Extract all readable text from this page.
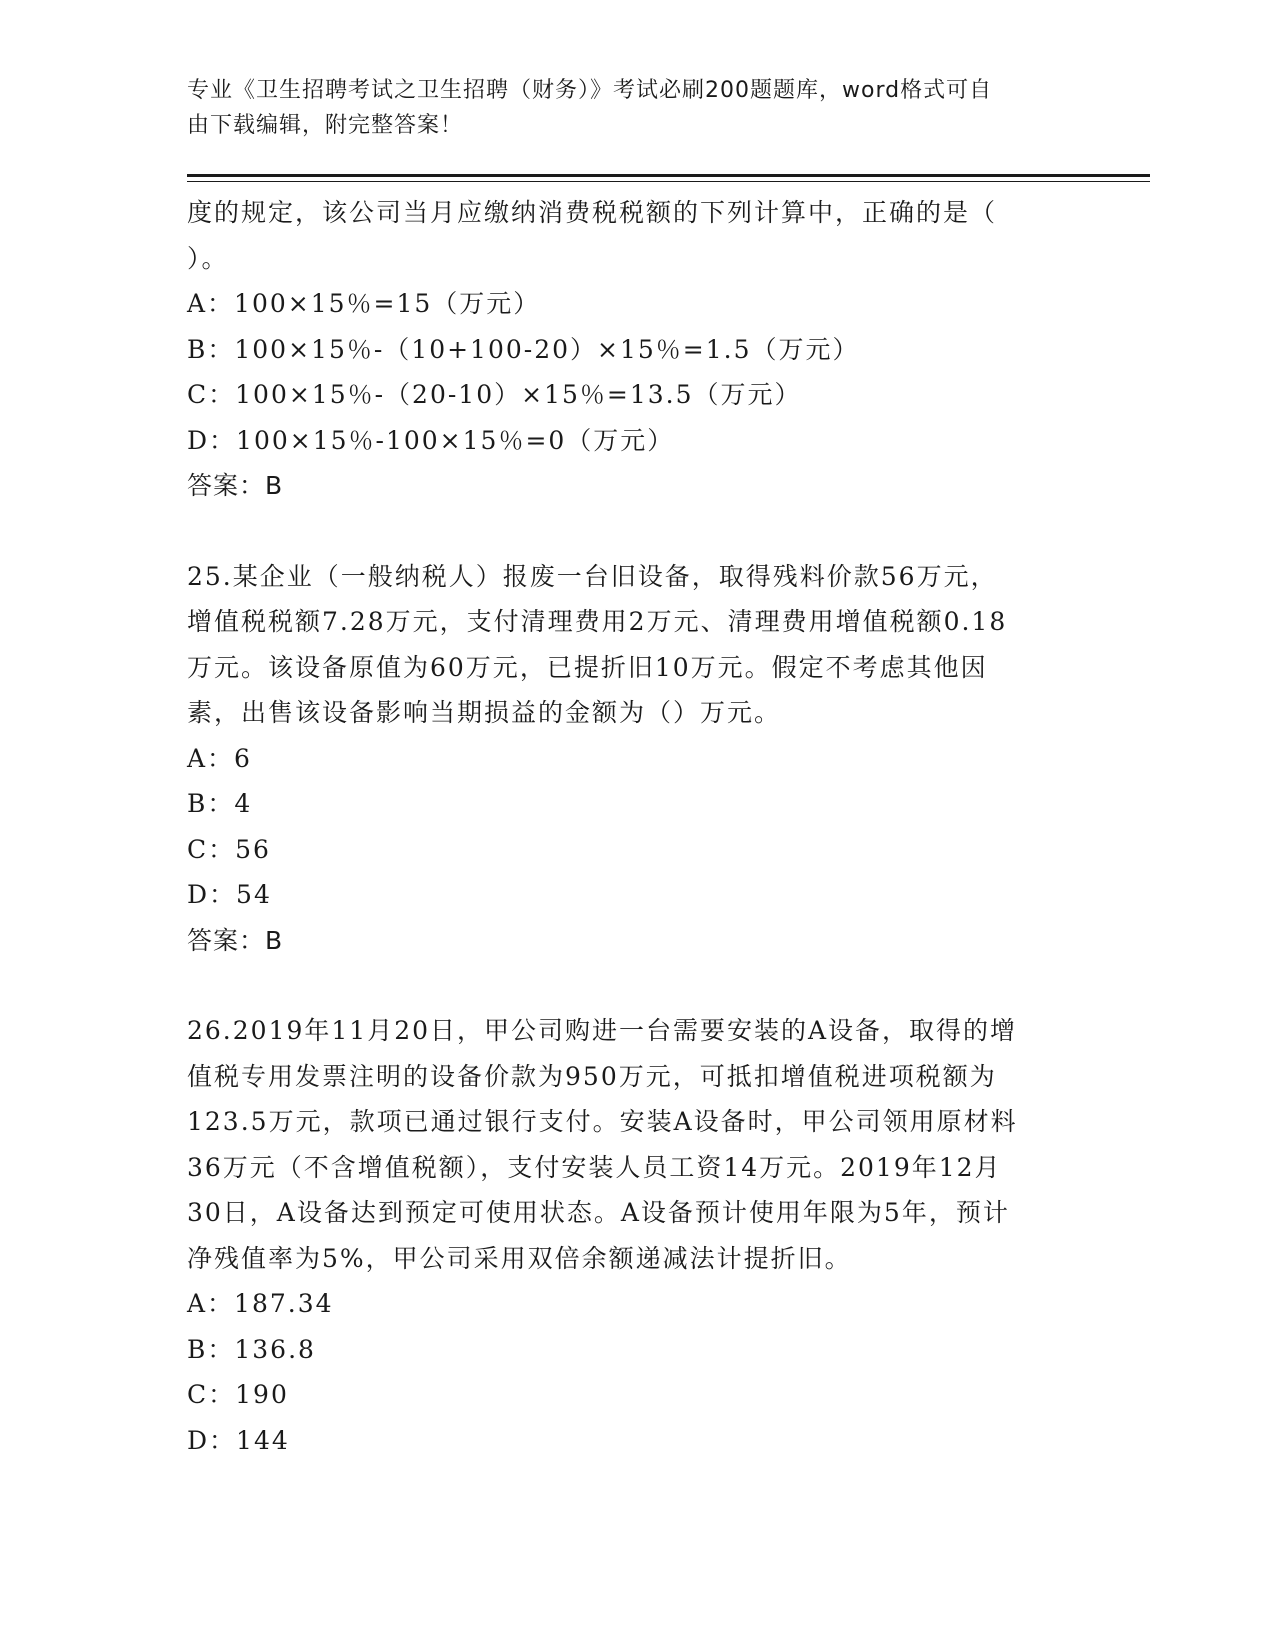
专业《卫生招聘考试之卫生招聘（财务）》考试必刷200题题库，word格式可自
由下载编辑，附完整答案！
度的规定，该公司当月应缴纳消费税税额的下列计算中，正确的是（
）。
A：100×15％=15（万元）
B：100×15％-（10+100-20）×15％=1.5（万元）
C：100×15％-（20-10）×15％=13.5（万元）
D：100×15％-100×15％=0（万元）
答案：B
25.某企业（一般纳税人）报废一台旧设备，取得残料价款56万元，
增值税税额7.28万元，支付清理费用2万元、清理费用增值税额0.18
万元。该设备原值为60万元，已提折旧10万元。假定不考虑其他因
素，出售该设备影响当期损益的金额为（）万元。
A：6
B：4
C：56
D：54
答案：B
26.2019年11月20日，甲公司购进一台需要安装的A设备，取得的增
值税专用发票注明的设备价款为950万元，可抵扣增值税进项税额为
123.5万元，款项已通过银行支付。安装A设备时，甲公司领用原材料
36万元（不含增值税额），支付安装人员工资14万元。2019年12月
30日，A设备达到预定可使用状态。A设备预计使用年限为5年，预计
净残值率为5%，甲公司采用双倍余额递减法计提折旧。
A：187.34
B：136.8
C：190
D：144
